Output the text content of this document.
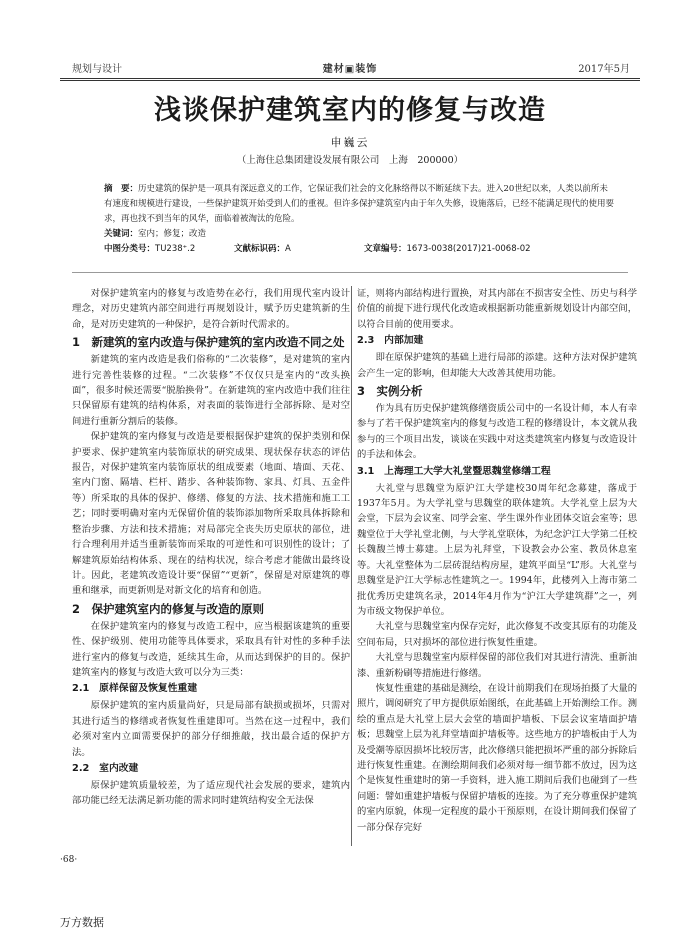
规划与设计	建材▣装饰	2017年5月
浅谈保护建筑室内的修复与改造
申巍云
（上海住总集团建设发展有限公司　上海　200000）
摘　要：历史建筑的保护是一项具有深远意义的工作，它保证我们社会的文化脉络得以不断延续下去。进入20世纪以来，人类以前所未有速度和规模进行建设，一些保护建筑开始受到人们的重视。但许多保护建筑室内由于年久失修，设施落后，已经不能满足现代的使用要求，再也找不到当年的风华，面临着被淘汰的危险。
关键词：室内；修复；改造
中图分类号：TU238⁺.2	文献标识码：A	文章编号：1673-0038(2017)21-0068-02

对保护建筑室内的修复与改造势在必行，我们用现代室内设计理念，对历史建筑内部空间进行再规划设计，赋予历史建筑新的生命，是对历史建筑的一种保护，是符合新时代需求的。

1　新建筑的室内改造与保护建筑的室内改造不同之处

新建筑的室内改造是我们俗称的“二次装修”，是对建筑的室内进行完善性装修的过程。“二次装修”不仅仅只是室内的“改头换面”，很多时候还需要“脱胎换骨”。在新建筑的室内改造中我们往往只保留原有建筑的结构体系，对表面的装饰进行全部拆除、是对空间进行重新分割后的装修。

保护建筑的室内修复与改造是要根据保护建筑的保护类别和保护要求、保护建筑室内装饰原状的研究成果、现状保存状态的评估报告，对保护建筑室内装饰原状的组成要素（地面、墙面、天花、室内门窗、隔墙、栏杆、踏步、各种装饰物、家具、灯具、五金件等）所采取的具体的保护、修缮、修复的方法、技术措施和施工工艺；同时要明确对室内无保留价值的装饰添加物所采取具体拆除和整治步骤、方法和技术措施；对局部完全丧失历史原状的部位，进行合理利用并适当重新装饰而采取的可逆性和可识别性的设计；了解建筑原始结构体系、现在的结构状况，综合考虑才能做出最终设计。因此，老建筑改造设计要“保留”“更新”，保留是对原建筑的尊重和继承，而更新则是对新文化的培育和创造。

2　保护建筑室内的修复与改造的原则

在保护建筑室内的修复与改造工程中，应当根据该建筑的重要性、保护级别、使用功能等具体要求，采取具有针对性的多种手法进行室内的修复与改造，延续其生命，从而达到保护的目的。保护建筑室内的修复与改造大致可以分为三类：

2.1　原样保留及恢复性重建

原保护建筑的室内质量尚好，只是局部有缺损或损坏，只需对其进行适当的修缮或者恢复性重建即可。当然在这一过程中，我们必须对室内立面需要保护的部分仔细推敲，找出最合适的保护方法。

2.2　室内改建

原保护建筑质量较差，为了适应现代社会发展的要求，建筑内部功能已经无法满足新功能的需求同时建筑结构安全无法保

证，则将内部结构进行置换，对其内部在不损害安全性、历史与科学价值的前提下进行现代化改造或根据新功能重新规划设计内部空间，以符合目前的使用要求。

2.3　内部加建

即在原保护建筑的基础上进行局部的添建。这种方法对保护建筑会产生一定的影响，但却能大大改善其使用功能。

3　实例分析

作为具有历史保护建筑修缮资质公司中的一名设计师，本人有幸参与了若干保护建筑室内的修复与改造工程的修缮设计，本文就从我参与的三个项目出发，谈谈在实践中对这类建筑室内修复与改造设计的手法和体会。

3.1　上海理工大学大礼堂暨思魏堂修缮工程

大礼堂与思魏堂为原沪江大学建校30周年纪念募建，落成于1937年5月。为大学礼堂与思魏堂的联体建筑。大学礼堂上层为大会堂，下层为会议室、同学会室、学生课外作业团体交谊会室等；思魏堂位于大学礼堂北侧，与大学礼堂联体，为纪念沪江大学第二任校长魏馥兰博士募建。上层为礼拜堂，下设教会办公室、教员休息室等。大礼堂整体为二层砖混结构房屋，建筑平面呈“L”形。大礼堂与思魏堂是沪江大学标志性建筑之一。1994年，此楼列入上海市第二批优秀历史建筑名录，2014年4月作为“沪江大学建筑群”之一，列为市级文物保护单位。

大礼堂与思魏堂室内保存完好，此次修复不改变其原有的功能及空间布局，只对损坏的部位进行恢复性重建。

大礼堂与思魏堂室内原样保留的部位我们对其进行清洗、重新油漆、重新粉刷等措施进行修缮。

恢复性重建的基础是测绘，在设计前期我们在现场拍摄了大量的照片，调阅研究了甲方提供原始图纸，在此基础上开始测绘工作。测绘的重点是大礼堂上层大会堂的墙面护墙板、下层会议室墙面护墙板；思魏堂上层为礼拜堂墙面护墙板等。这些地方的护墙板由于人为及受潮等原因损坏比较厉害，此次修缮只能把损坏严重的部分拆除后进行恢复性重建。在测绘期间我们必须对每一细节都不放过，因为这个是恢复性重建时的第一手资料，进入施工期间后我们也碰到了一些问题：譬如重建护墙板与保留护墙板的连接。为了充分尊重保护建筑的室内原貌，体现一定程度的最小干预原则，在设计期间我们保留了一部分保存完好

·68·
万方数据
